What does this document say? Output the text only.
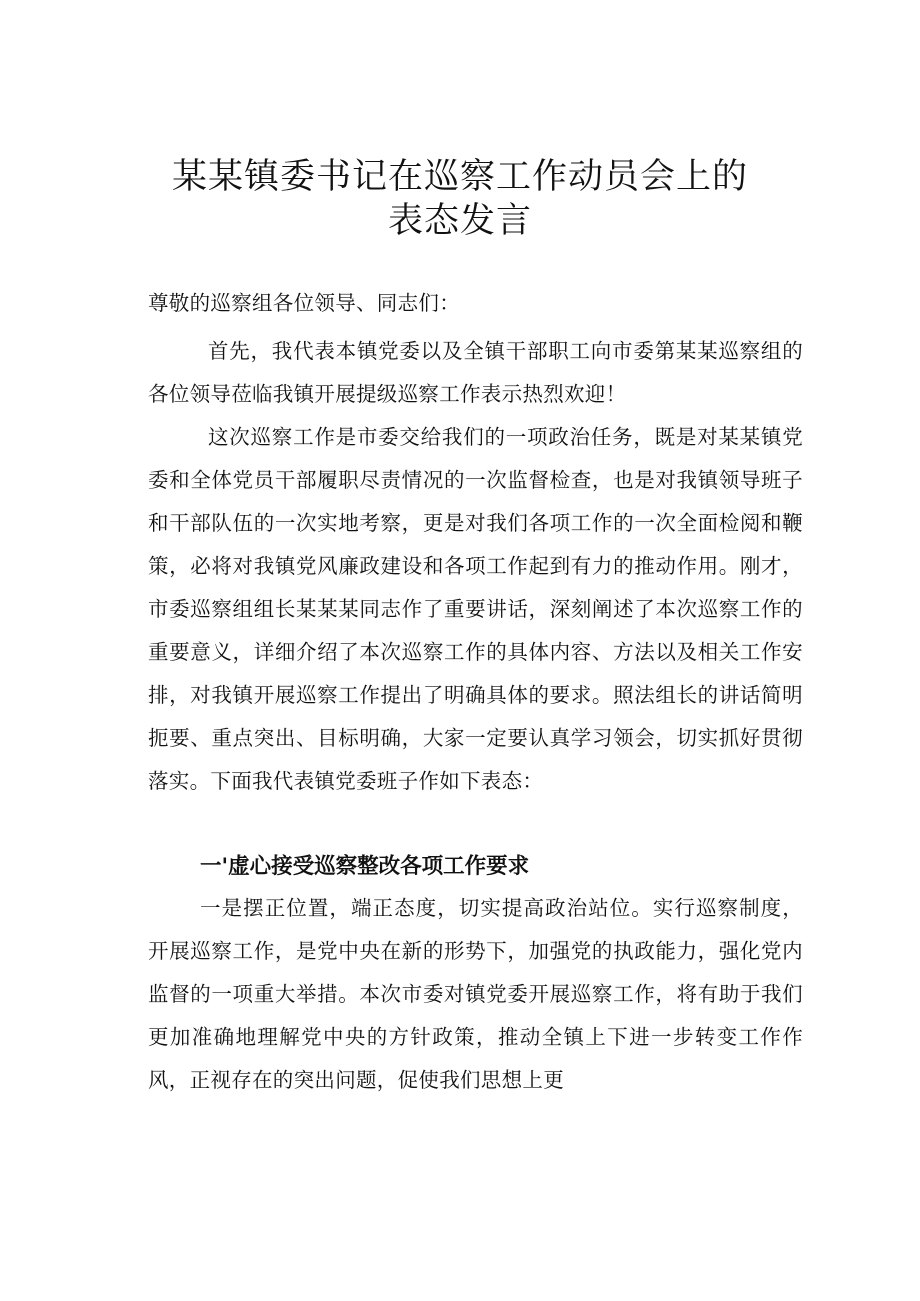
某某镇委书记在巡察工作动员会上的
表态发言

尊敬的巡察组各位领导、同志们：

首先，我代表本镇党委以及全镇干部职工向市委第某某巡察组的各位领导莅临我镇开展提级巡察工作表示热烈欢迎！

这次巡察工作是市委交给我们的一项政治任务，既是对某某镇党委和全体党员干部履职尽责情况的一次监督检查，也是对我镇领导班子和干部队伍的一次实地考察，更是对我们各项工作的一次全面检阅和鞭策，必将对我镇党风廉政建设和各项工作起到有力的推动作用。刚才，市委巡察组组长某某某同志作了重要讲话，深刻阐述了本次巡察工作的重要意义，详细介绍了本次巡察工作的具体内容、方法以及相关工作安排，对我镇开展巡察工作提出了明确具体的要求。照法组长的讲话简明扼要、重点突出、目标明确，大家一定要认真学习领会，切实抓好贯彻落实。下面我代表镇党委班子作如下表态：

一'虚心接受巡察整改各项工作要求

一是摆正位置，端正态度，切实提高政治站位。实行巡察制度，开展巡察工作，是党中央在新的形势下，加强党的执政能力，强化党内监督的一项重大举措。本次市委对镇党委开展巡察工作，将有助于我们更加准确地理解党中央的方针政策，推动全镇上下进一步转变工作作风，正视存在的突出问题，促使我们思想上更
